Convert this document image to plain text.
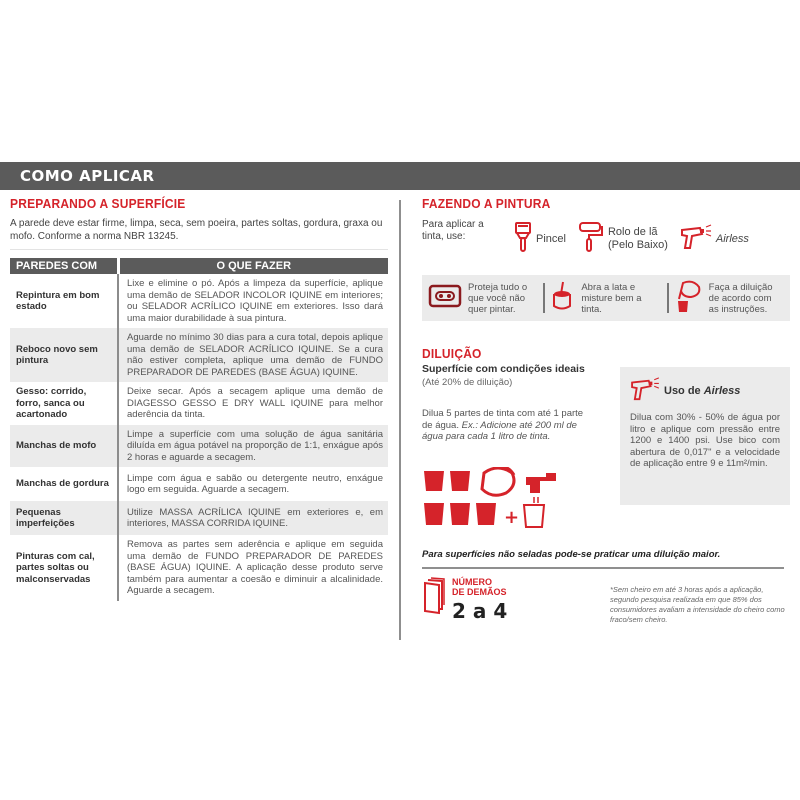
COMO APLICAR
PREPARANDO A SUPERFÍCIE
A parede deve estar firme, limpa, seca, sem poeira, partes soltas, gordura, graxa ou mofo. Conforme a norma NBR 13245.
PAREDES COM	O QUE FAZER
Repintura em bom estado	Lixe e elimine o pó. Após a limpeza da superfície, aplique uma demão de SELADOR INCOLOR IQUINE em interiores; ou SELADOR ACRÍLICO IQUINE em exteriores. Isso dará uma maior durabilidade à sua pintura.
Reboco novo sem pintura	Aguarde no mínimo 30 dias para a cura total, depois aplique uma demão de SELADOR ACRÍLICO IQUINE. Se a cura não estiver completa, aplique uma demão de FUNDO PREPARADOR DE PAREDES (BASE ÁGUA) IQUINE.
Gesso: corrido, forro, sanca ou acartonado	Deixe secar. Após a secagem aplique uma demão de DIAGESSO GESSO E DRY WALL IQUINE para melhor aderência da tinta.
Manchas de mofo	Limpe a superfície com uma solução de água sanitária diluída em água potável na proporção de 1:1, enxágue após 2 horas e aguarde a secagem.
Manchas de gordura	Limpe com água e sabão ou detergente neutro, enxágue logo em seguida. Aguarde a secagem.
Pequenas imperfeições	Utilize MASSA ACRÍLICA IQUINE em exteriores e, em interiores, MASSA CORRIDA IQUINE.
Pinturas com cal, partes soltas ou malconservadas	Remova as partes sem aderência e aplique em seguida uma demão de FUNDO PREPARADOR DE PAREDES (BASE ÁGUA) IQUINE. A aplicação desse produto serve também para aumentar a coesão e diminuir a alcalinidade. Aguarde a secagem.
FAZENDO A PINTURA
Para aplicar a tinta, use:	Pincel
Rolo de lã
(Pelo Baixo)
Airless
Proteja tudo o que você não quer pintar.
Abra a lata e misture bem a tinta.
Faça a diluição de acordo com as instruções.
DILUIÇÃO
Superfície com condições ideais
(Até 20% de diluição)
Dilua 5 partes de tinta com até 1 parte de água. Ex.: Adicione até 200 ml de água para cada 1 litro de tinta.
Uso de Airless
Dilua com 30% - 50% de água por litro e aplique com pressão entre 1200 e 1400 psi. Use bico com abertura de 0,017" e a velocidade de aplicação entre 9 e 11m²/min.
+
Para superfícies não seladas pode-se praticar uma diluição maior.
NÚMERO
DE DEMÃOS
2 a 4
*Sem cheiro em até 3 horas após a aplicação, segundo pesquisa realizada em que 85% dos consumidores avaliam a intensidade do cheiro como fraco/sem cheiro.
